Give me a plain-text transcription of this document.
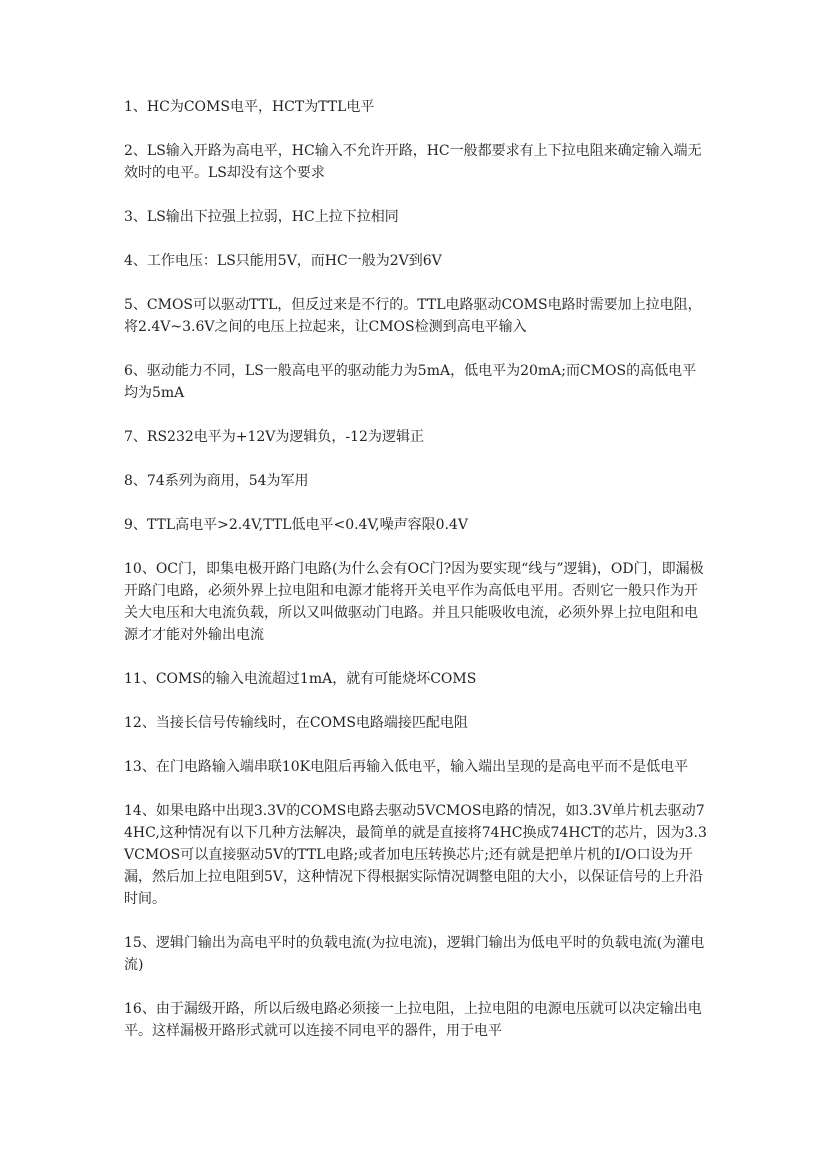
1、HC为COMS电平，HCT为TTL电平

2、LS输入开路为高电平，HC输入不允许开路，HC一般都要求有上下拉电阻来确定输入端无效时的电平。LS却没有这个要求

3、LS输出下拉强上拉弱，HC上拉下拉相同

4、工作电压：LS只能用5V，而HC一般为2V到6V

5、CMOS可以驱动TTL，但反过来是不行的。TTL电路驱动COMS电路时需要加上拉电阻，将2.4V~3.6V之间的电压上拉起来，让CMOS检测到高电平输入

6、驱动能力不同，LS一般高电平的驱动能力为5mA，低电平为20mA;而CMOS的高低电平均为5mA

7、RS232电平为+12V为逻辑负，-12为逻辑正

8、74系列为商用，54为军用

9、TTL高电平>2.4V,TTL低电平<0.4V,噪声容限0.4V

10、OC门，即集电极开路门电路(为什么会有OC门?因为要实现“线与”逻辑)，OD门，即漏极开路门电路，必须外界上拉电阻和电源才能将开关电平作为高低电平用。否则它一般只作为开关大电压和大电流负载，所以又叫做驱动门电路。并且只能吸收电流，必须外界上拉电阻和电源才才能对外输出电流

11、COMS的输入电流超过1mA，就有可能烧坏COMS

12、当接长信号传输线时，在COMS电路端接匹配电阻

13、在门电路输入端串联10K电阻后再输入低电平，输入端出呈现的是高电平而不是低电平

14、如果电路中出现3.3V的COMS电路去驱动5VCMOS电路的情况，如3.3V单片机去驱动74HC,这种情况有以下几种方法解决，最简单的就是直接将74HC换成74HCT的芯片，因为3.3VCMOS可以直接驱动5V的TTL电路;或者加电压转换芯片;还有就是把单片机的I/O口设为开漏，然后加上拉电阻到5V，这种情况下得根据实际情况调整电阻的大小，以保证信号的上升沿时间。

15、逻辑门输出为高电平时的负载电流(为拉电流)，逻辑门输出为低电平时的负载电流(为灌电流)

16、由于漏级开路，所以后级电路必须接一上拉电阻，上拉电阻的电源电压就可以决定输出电平。这样漏极开路形式就可以连接不同电平的器件，用于电平
